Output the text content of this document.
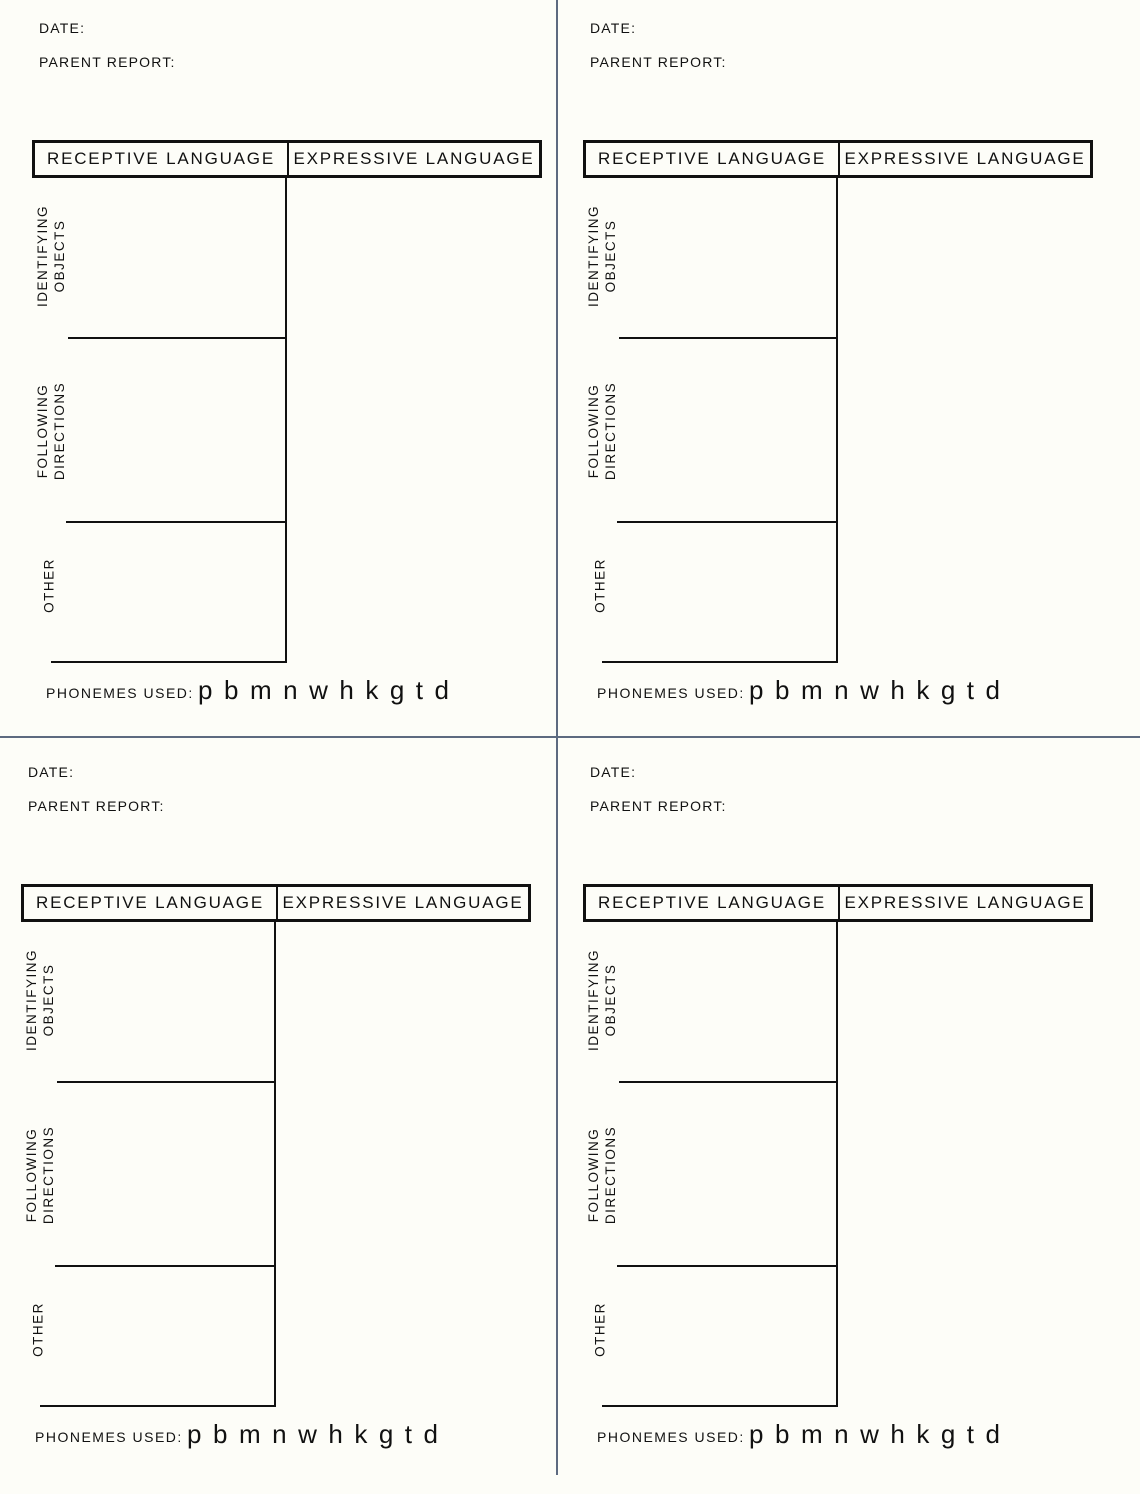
DATE:
PARENT REPORT:
RECEPTIVE LANGUAGE	EXPRESSIVE LANGUAGE
IDENTIFYING OBJECTS
FOLLOWING DIRECTIONS
OTHER
PHONEMES USED: p b m n w h k g t d
DATE:
PARENT REPORT:
RECEPTIVE LANGUAGE	EXPRESSIVE LANGUAGE
IDENTIFYING OBJECTS
FOLLOWING DIRECTIONS
OTHER
PHONEMES USED: p b m n w h k g t d
DATE:
PARENT REPORT:
RECEPTIVE LANGUAGE	EXPRESSIVE LANGUAGE
IDENTIFYING OBJECTS
FOLLOWING DIRECTIONS
OTHER
PHONEMES USED: p b m n w h k g t d
DATE:
PARENT REPORT:
RECEPTIVE LANGUAGE	EXPRESSIVE LANGUAGE
IDENTIFYING OBJECTS
FOLLOWING DIRECTIONS
OTHER
PHONEMES USED: p b m n w h k g t d
